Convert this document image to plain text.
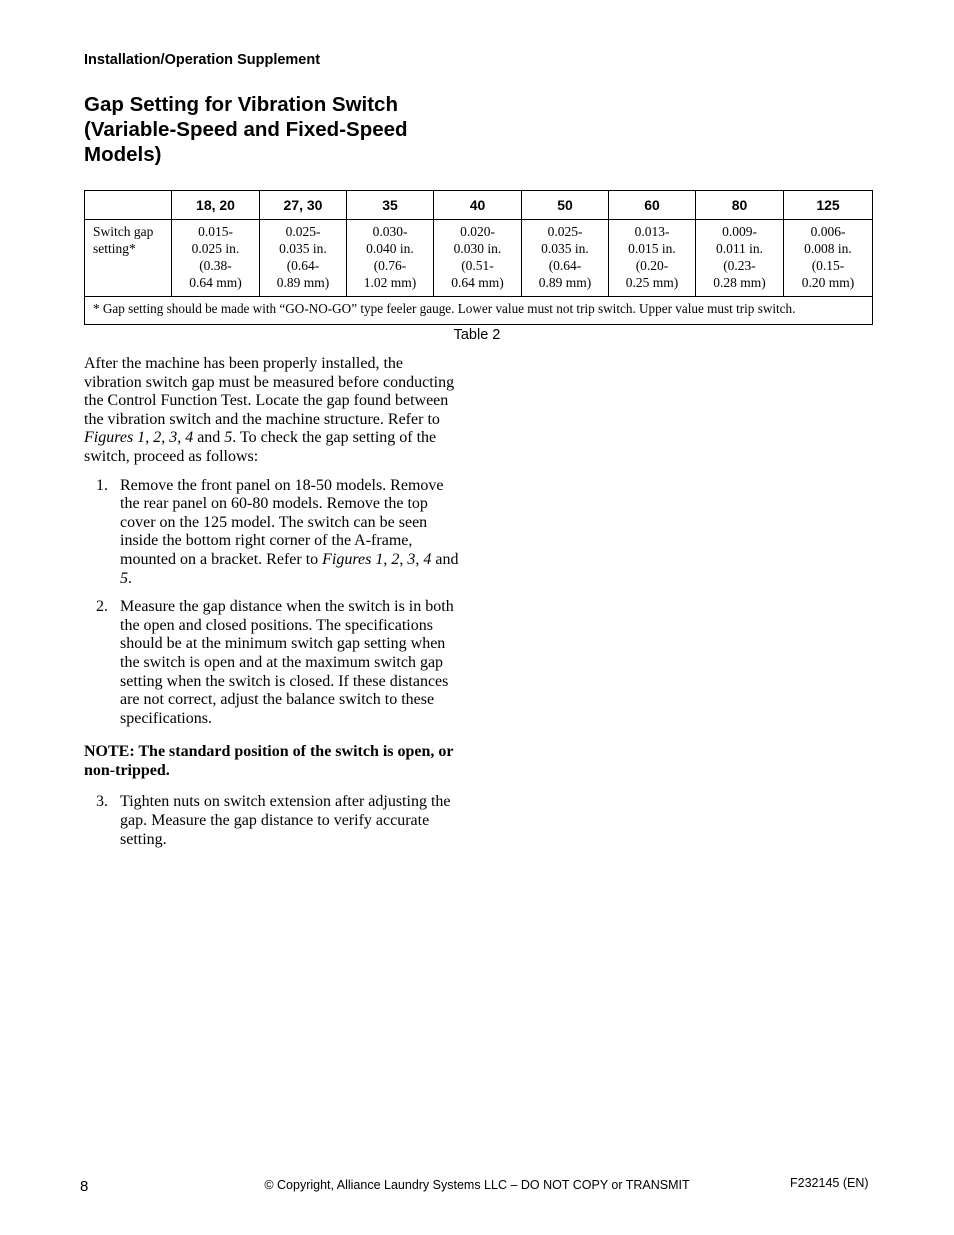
Installation/Operation Supplement
Gap Setting for Vibration Switch
(Variable-Speed and Fixed-Speed
Models)
	18, 20	27, 30	35	40	50	60	80	125
Switch gap
setting*	0.015-
0.025 in.
(0.38-
0.64 mm)	0.025-
0.035 in.
(0.64-
0.89 mm)	0.030-
0.040 in.
(0.76-
1.02 mm)	0.020-
0.030 in.
(0.51-
0.64 mm)	0.025-
0.035 in.
(0.64-
0.89 mm)	0.013-
0.015 in.
(0.20-
0.25 mm)	0.009-
0.011 in.
(0.23-
0.28 mm)	0.006-
0.008 in.
(0.15-
0.20 mm)
* Gap setting should be made with “GO-NO-GO” type feeler gauge. Lower value must not trip switch. Upper value must trip switch.								
Table 2

After the machine has been properly installed, the vibration switch gap must be measured before conducting the Control Function Test. Locate the gap found between the vibration switch and the machine structure. Refer to Figures 1, 2, 3, 4 and 5. To check the gap setting of the switch, proceed as follows:

1. Remove the front panel on 18-50 models. Remove the rear panel on 60-80 models. Remove the top cover on the 125 model. The switch can be seen inside the bottom right corner of the A-frame, mounted on a bracket. Refer to Figures 1, 2, 3, 4 and 5.
2. Measure the gap distance when the switch is in both the open and closed positions. The specifications should be at the minimum switch gap setting when the switch is open and at the maximum switch gap setting when the switch is closed. If these distances are not correct, adjust the balance switch to these specifications.

NOTE: The standard position of the switch is open, or non-tripped.

3. Tighten nuts on switch extension after adjusting the gap. Measure the gap distance to verify accurate setting.
8	© Copyright, Alliance Laundry Systems LLC – DO NOT COPY or TRANSMIT	F232145 (EN)
